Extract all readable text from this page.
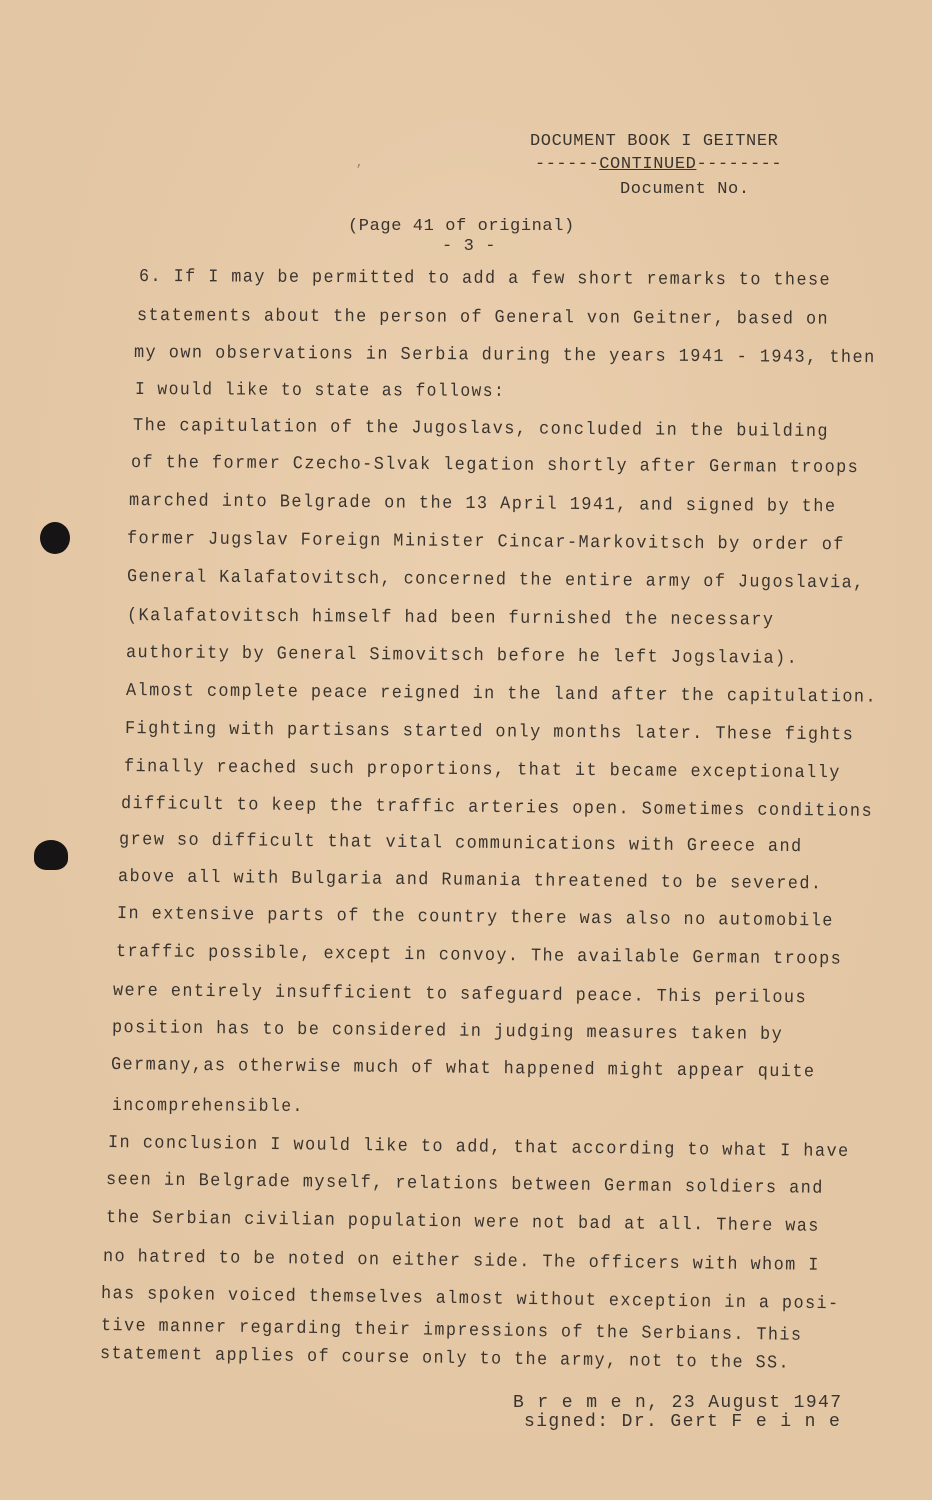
,
DOCUMENT BOOK I GEITNER
------CONTINUED--------
Document No.
(Page 41 of original)
- 3 -
6. If I may be permitted to add a few short remarks to these
statements about the person of General von Geitner, based on
my own observations in Serbia during the years 1941 - 1943, then
I would like to state as follows:
The capitulation of the Jugoslavs, concluded in the building
of the former Czecho-Slvak legation shortly after German troops
marched into Belgrade on the 13 April 1941, and signed by the
former Jugslav Foreign Minister Cincar-Markovitsch by order of
General Kalafatovitsch, concerned the entire army of Jugoslavia,
(Kalafatovitsch himself had been furnished the necessary
authority by General Simovitsch before he left Jogslavia).
Almost complete peace reigned in the land after the capitulation.
Fighting with partisans started only months later. These fights
finally reached such proportions, that it became exceptionally
difficult to keep the traffic arteries open. Sometimes conditions
grew so difficult that vital communications with Greece and
above all with Bulgaria and Rumania threatened to be severed.
In extensive parts of the country there was also no automobile
traffic possible, except in convoy. The available German troops
were entirely insufficient to safeguard peace. This perilous
position has to be considered in judging measures taken by
Germany,as otherwise much of what happened might appear quite
incomprehensible.
In conclusion I would like to add, that according to what I have
seen in Belgrade myself, relations between German soldiers and
the Serbian civilian population were not bad at all. There was
no hatred to be noted on either side. The officers with whom I
has spoken voiced themselves almost without exception in a posi-
tive manner regarding their impressions of the Serbians. This
statement applies of course only to the army, not to the SS.
B r e m e n, 23 August 1947
signed: Dr. Gert F e i n e
